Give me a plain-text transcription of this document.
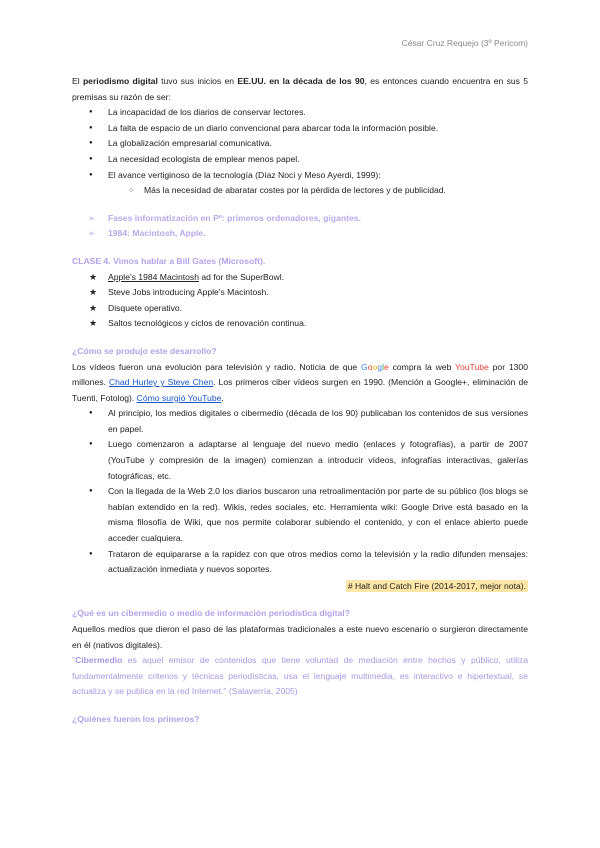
César Cruz Requejo (3º Pericom)

El periodismo digital tuvo sus inicios en EE.UU. en la década de los 90, es entonces cuando encuentra en sus 5 premisas su razón de ser:

● La incapacidad de los diarios de conservar lectores.
● La falta de espacio de un diario convencional para abarcar toda la información posible.
● La globalización empresarial comunicativa.
● La necesidad ecologista de emplear menos papel.
● El avance vertiginoso de la tecnología (Díaz Noci y Meso Ayerdi, 1999):
○ Más la necesidad de abaratar costes por la pérdida de lectores y de publicidad.
➢ Fases informatización en Pº: primeros ordenadores, gigantes.
➢ 1984: Macintosh, Apple.

CLASE 4. Vimos hablar a Bill Gates (Microsoft).

★ Apple's 1984 Macintosh ad for the SuperBowl.
★ Steve Jobs introducing Apple's Macintosh.
★ Disquete operativo.
★ Saltos tecnológicos y ciclos de renovación continua.

¿Cómo se produjo este desarrollo?

Los vídeos fueron una evolución para televisión y radio. Noticia de que Google compra la web YouTube por 1300 millones. Chad Hurley y Steve Chen. Los primeros ciber vídeos surgen en 1990. (Mención a Google+, eliminación de Tuenti, Fotolog). Cómo surgió YouTube.

● Al principio, los medios digitales o cibermedio (década de los 90) publicaban los contenidos de sus versiones en papel.
● Luego comenzaron a adaptarse al lenguaje del nuevo medio (enlaces y fotografías), a partir de 2007 (YouTube y compresión de la imagen) comienzan a introducir vídeos, infografías interactivas, galerías fotográficas, etc.
● Con la llegada de la Web 2.0 los diarios buscaron una retroalimentación por parte de su público (los blogs se habían extendido en la red). Wikis, redes sociales, etc. Herramienta wiki: Google Drive está basado en la misma filosofía de Wiki, que nos permite colaborar subiendo el contenido, y con el enlace abierto puede acceder cualquiera.
● Trataron de equipararse a la rapidez con que otros medios como la televisión y la radio difunden mensajes: actualización inmediata y nuevos soportes.

# Halt and Catch Fire (2014-2017, mejor nota).

¿Qué es un cibermedio o medio de información periodística digital?

Aquellos medios que dieron el paso de las plataformas tradicionales a este nuevo escenario o surgieron directamente en él (nativos digitales).

"Cibermedio es aquel emisor de contenidos que tiene voluntad de mediación entre hechos y público, utiliza fundamentalmente criterios y técnicas periodísticas, usa el lenguaje multimedia, es interactivo e hipertextual, se actualiza y se publica en la red Internet." (Salaverría, 2005)

¿Quiénes fueron los primeros?
